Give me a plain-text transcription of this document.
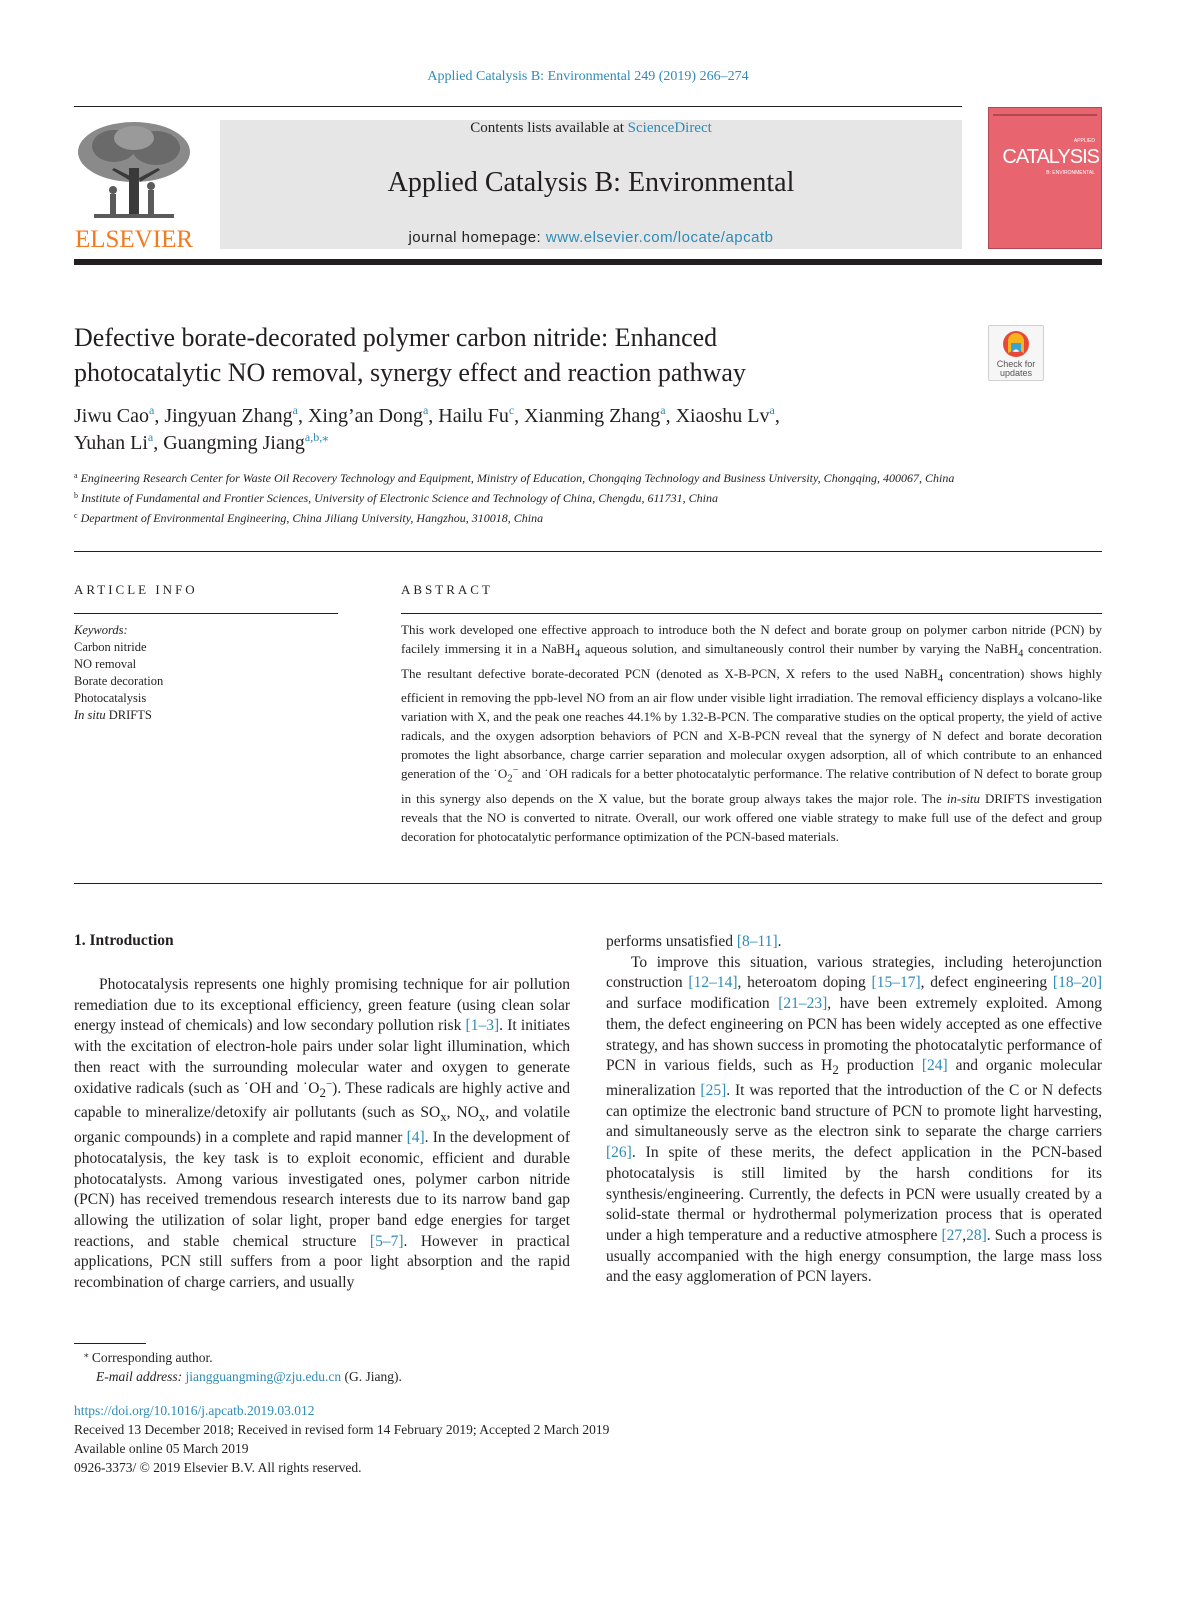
Applied Catalysis B: Environmental 249 (2019) 266–274
ELSEVIER
Contents lists available at ScienceDirect
Applied Catalysis B: Environmental
journal homepage: www.elsevier.com/locate/apcatb
APPLIED
CATALYSIS
B: ENVIRONMENTAL
Defective borate-decorated polymer carbon nitride: Enhanced
photocatalytic NO removal, synergy effect and reaction pathway	Check for
updates
Jiwu Cao$^a$, Jingyuan Zhang$^a$, Xing’an Dong$^a$, Hailu Fu$^c$, Xianming Zhang$^a$, Xiaoshu Lv$^a$,
Yuhan Li$^a$, Guangming Jiang$^{a,b,⁎}$
$^a$ Engineering Research Center for Waste Oil Recovery Technology and Equipment, Ministry of Education, Chongqing Technology and Business University, Chongqing, 400067, China
$^b$ Institute of Fundamental and Frontier Sciences, University of Electronic Science and Technology of China, Chengdu, 611731, China
$^c$ Department of Environmental Engineering, China Jiliang University, Hangzhou, 310018, China
ARTICLE INFO	ABSTRACT
Keywords:
Carbon nitride
NO removal
Borate decoration
Photocatalysis
In situ DRIFTS
This work developed one effective approach to introduce both the N defect and borate group on polymer carbon nitride (PCN) by facilely immersing it in a NaBH$_4$ aqueous solution, and simultaneously control their number by varying the NaBH$_4$ concentration. The resultant defective borate-decorated PCN (denoted as X-B-PCN, X refers to the used NaBH$_4$ concentration) shows highly efficient in removing the ppb-level NO from an air flow under visible light irradiation. The removal efficiency displays a volcano-like variation with X, and the peak one reaches 44.1% by 1.32-B-PCN. The comparative studies on the optical property, the yield of active radicals, and the oxygen adsorption behaviors of PCN and X-B-PCN reveal that the synergy of N defect and borate decoration promotes the light absorbance, charge carrier separation and molecular oxygen adsorption, all of which contribute to an enhanced generation of the $˙O_2^-$ and ˙OH radicals for a better photocatalytic performance. The relative contribution of N defect to borate group in this synergy also depends on the X value, but the borate group always takes the major role. The in-situ DRIFTS investigation reveals that the NO is converted to nitrate. Overall, our work offered one viable strategy to make full use of the defect and group decoration for photocatalytic performance optimization of the PCN-based materials.
1. Introduction

Photocatalysis represents one highly promising technique for air pollution remediation due to its exceptional efficiency, green feature (using clean solar energy instead of chemicals) and low secondary pollution risk [1–3]. It initiates with the excitation of electron-hole pairs under solar light illumination, which then react with the surrounding molecular water and oxygen to generate oxidative radicals (such as ˙OH and $˙O_2^-$). These radicals are highly active and capable to mineralize/detoxify air pollutants (such as $SO_x$, $NO_x$, and volatile organic compounds) in a complete and rapid manner [4]. In the development of photocatalysis, the key task is to exploit economic, efficient and durable photocatalysts. Among various investigated ones, polymer carbon nitride (PCN) has received tremendous research interests due to its narrow band gap allowing the utilization of solar light, proper band edge energies for target reactions, and stable chemical structure [5–7]. However in practical applications, PCN still suffers from a poor light absorption and the rapid recombination of charge carriers, and usually

performs unsatisfied [8–11].

To improve this situation, various strategies, including heterojunction construction [12–14], heteroatom doping [15–17], defect engineering [18–20] and surface modification [21–23], have been extremely exploited. Among them, the defect engineering on PCN has been widely accepted as one effective strategy, and has shown success in promoting the photocatalytic performance of PCN in various fields, such as $H_2$ production [24] and organic molecular mineralization [25]. It was reported that the introduction of the C or N defects can optimize the electronic band structure of PCN to promote light harvesting, and simultaneously serve as the electron sink to separate the charge carriers [26]. In spite of these merits, the defect application in the PCN-based photocatalysis is still limited by the harsh conditions for its synthesis/engineering. Currently, the defects in PCN were usually created by a solid-state thermal or hydrothermal polymerization process that is operated under a high temperature and a reductive atmosphere [27,28]. Such a process is usually accompanied with the high energy consumption, the large mass loss and the easy agglomeration of PCN layers.

⁎ Corresponding author.
E-mail address: jiangguangming@zju.edu.cn (G. Jiang).
https://doi.org/10.1016/j.apcatb.2019.03.012
Received 13 December 2018; Received in revised form 14 February 2019; Accepted 2 March 2019
Available online 05 March 2019
0926-3373/ © 2019 Elsevier B.V. All rights reserved.
